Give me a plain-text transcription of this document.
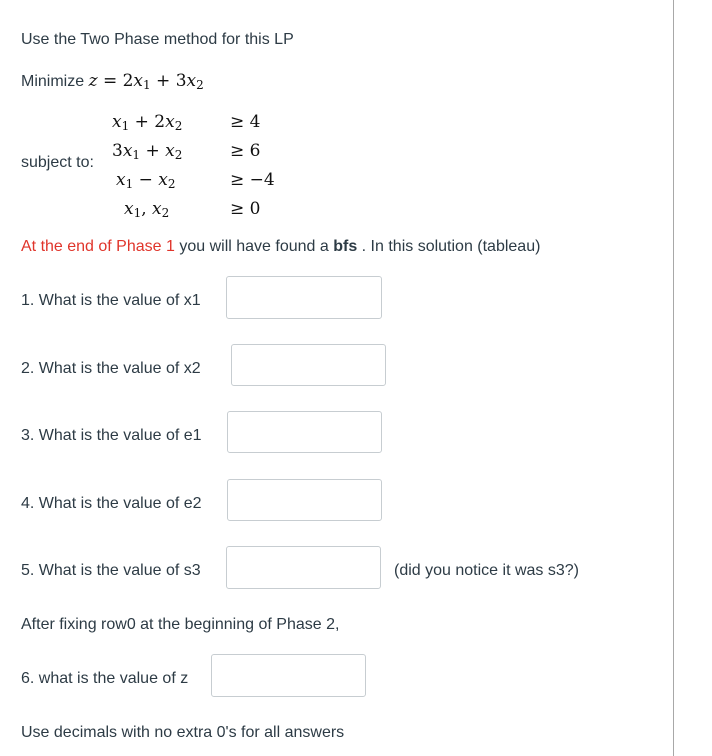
Use the Two Phase method for this LP
Minimize $z = 2x_1 + 3x_2$
subject to:
$x_1 + 2x_2$	≥ 4
$3x_1 + x_2$	≥ 6
$x_1 - x_2$	≥ −4
$x_1$, $x_2$	≥ 0
At the end of Phase 1 you will have found a bfs . In this solution (tableau)
1. What is the value of x1
2. What is the value of x2
3. What is the value of e1
4. What is the value of e2
5. What is the value of s3	(did you notice it was s3?)
After fixing row0 at the beginning of Phase 2,
6. what is the value of z
Use decimals with no extra 0's for all answers
